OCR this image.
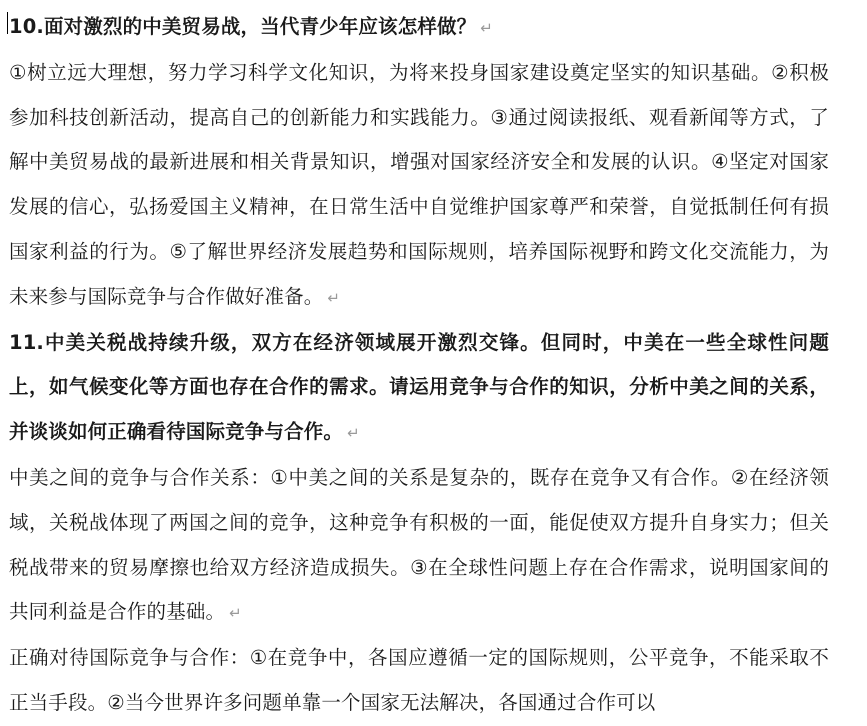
10.面对激烈的中美贸易战，当代青少年应该怎样做？ ↵

①树立远大理想，努力学习科学文化知识，为将来投身国家建设奠定坚实的知识基础。②积极参加科技创新活动，提高自己的创新能力和实践能力。③通过阅读报纸、观看新闻等方式，了解中美贸易战的最新进展和相关背景知识，增强对国家经济安全和发展的认识。④坚定对国家发展的信心，弘扬爱国主义精神，在日常生活中自觉维护国家尊严和荣誉，自觉抵制任何有损国家利益的行为。⑤了解世界经济发展趋势和国际规则，培养国际视野和跨文化交流能力，为未来参与国际竞争与合作做好准备。 ↵

11.中美关税战持续升级，双方在经济领域展开激烈交锋。但同时，中美在一些全球性问题上，如气候变化等方面也存在合作的需求。请运用竞争与合作的知识，分析中美之间的关系，并谈谈如何正确看待国际竞争与合作。 ↵

中美之间的竞争与合作关系：①中美之间的关系是复杂的，既存在竞争又有合作。②在经济领域，关税战体现了两国之间的竞争，这种竞争有积极的一面，能促使双方提升自身实力；但关税战带来的贸易摩擦也给双方经济造成损失。③在全球性问题上存在合作需求，说明国家间的共同利益是合作的基础。 ↵

正确对待国际竞争与合作：①在竞争中，各国应遵循一定的国际规则，公平竞争，不能采取不正当手段。②当今世界许多问题单靠一个国家无法解决，各国通过合作可以
